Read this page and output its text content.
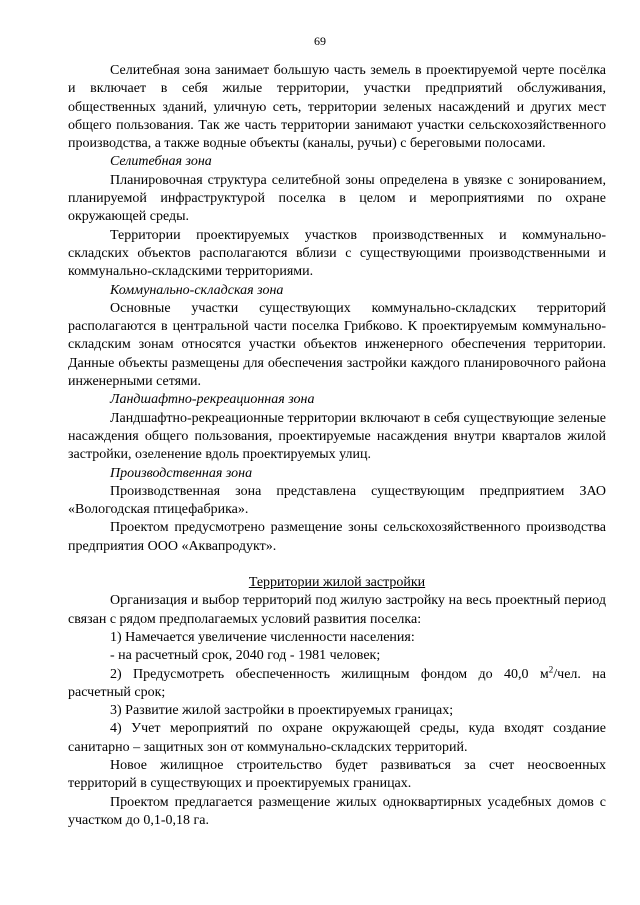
69

Селитебная зона занимает большую часть земель в проектируемой черте посёлка и включает в себя жилые территории, участки предприятий обслуживания, общественных зданий, уличную сеть, территории зеленых насаждений и других мест общего пользования. Так же часть территории занимают участки сельскохозяйственного производства, а также водные объекты (каналы, ручьи) с береговыми полосами.

Селитебная зона

Планировочная структура селитебной зоны определена в увязке с зонированием, планируемой инфраструктурой поселка в целом и мероприятиями по охране окружающей среды.

Территории проектируемых участков производственных и коммунально-складских объектов располагаются вблизи с существующими производственными и коммунально-складскими территориями.

Коммунально-складская зона

Основные участки существующих коммунально-складских территорий располагаются в центральной части поселка Грибково. К проектируемым коммунально-складским зонам относятся участки объектов инженерного обеспечения территории. Данные объекты размещены для обеспечения застройки каждого планировочного района инженерными сетями.

Ландшафтно-рекреационная зона

Ландшафтно-рекреационные территории включают в себя существующие зеленые насаждения общего пользования, проектируемые насаждения внутри кварталов жилой застройки, озеленение вдоль проектируемых улиц.

Производственная зона

Производственная зона представлена существующим предприятием ЗАО «Вологодская птицефабрика».

Проектом предусмотрено размещение зоны сельскохозяйственного производства предприятия ООО «Аквапродукт».

Территории жилой застройки

Организация и выбор территорий под жилую застройку на весь проектный период связан с рядом предполагаемых условий развития поселка:

1) Намечается увеличение численности населения:

- на расчетный срок, 2040 год - 1981 человек;

2) Предусмотреть обеспеченность жилищным фондом до 40,0 $м^2$/чел. на расчетный срок;

3) Развитие жилой застройки в проектируемых границах;

4) Учет мероприятий по охране окружающей среды, куда входят создание санитарно – защитных зон от коммунально-складских территорий.

Новое жилищное строительство будет развиваться за счет неосвоенных территорий в существующих и проектируемых границах.

Проектом предлагается размещение жилых одноквартирных усадебных домов с участком до 0,1-0,18 га.
